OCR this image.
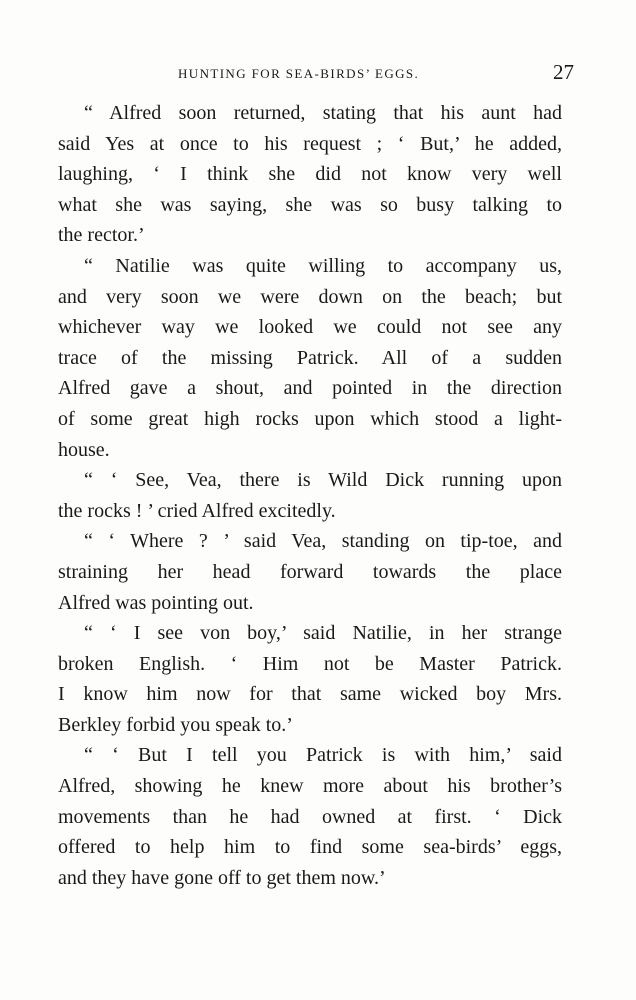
HUNTING FOR SEA-BIRDS’ EGGS.	27
“ Alfred soon returned, stating that his aunt had
said Yes at once to his request ; ‘ But,’ he added,
laughing, ‘ I think she did not know very well
what she was saying, she was so busy talking to
the rector.’
“ Natilie was quite willing to accompany us,
and very soon we were down on the beach; but
whichever way we looked we could not see any
trace of the missing Patrick. All of a sudden
Alfred gave a shout, and pointed in the direction
of some great high rocks upon which stood a light-
house.
“ ‘ See, Vea, there is Wild Dick running upon
the rocks ! ’ cried Alfred excitedly.
“ ‘ Where ? ’ said Vea, standing on tip-toe, and
straining her head forward towards the place
Alfred was pointing out.
“ ‘ I see von boy,’ said Natilie, in her strange
broken English. ‘ Him not be Master Patrick.
I know him now for that same wicked boy Mrs.
Berkley forbid you speak to.’
“ ‘ But I tell you Patrick is with him,’ said
Alfred, showing he knew more about his brother’s
movements than he had owned at first. ‘ Dick
offered to help him to find some sea-birds’ eggs,
and they have gone off to get them now.’
